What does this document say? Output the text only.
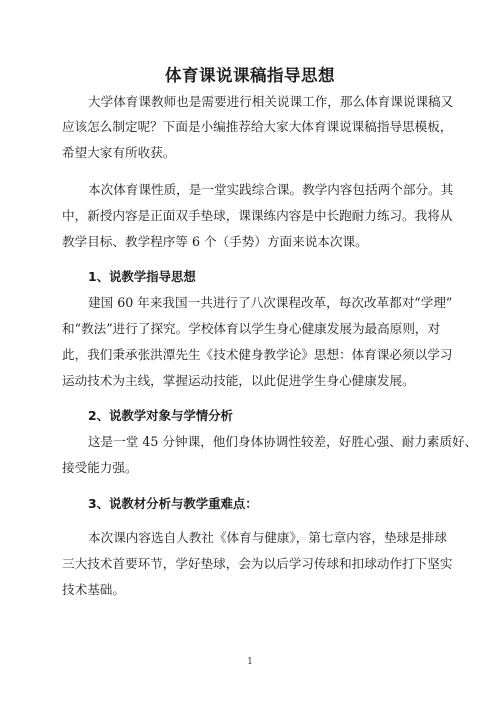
体育课说课稿指导思想

大学体育课教师也是需要进行相关说课工作，那么体育课说课稿又

应该怎么制定呢？下面是小编推荐给大家大体育课说课稿指导思模板，

希望大家有所收获。

本次体育课性质，是一堂实践综合课。教学内容包括两个部分。其

中，新授内容是正面双手垫球，课课练内容是中长跑耐力练习。我将从

教学目标、教学程序等 6 个（手势）方面来说本次课。

1、说教学指导思想

建国 60 年来我国一共进行了八次课程改革，每次改革都对“学理”

和“教法”进行了探究。学校体育以学生身心健康发展为最高原则，对

此，我们秉承张洪潭先生《技术健身教学论》思想：体育课必须以学习

运动技术为主线，掌握运动技能，以此促进学生身心健康发展。

2、说教学对象与学情分析

这是一堂 45 分钟课，他们身体协调性较差，好胜心强、耐力素质好、

接受能力强。

3、说教材分析与教学重难点：

本次课内容选自人教社《体育与健康》，第七章内容，垫球是排球

三大技术首要环节，学好垫球，会为以后学习传球和扣球动作打下坚实

技术基础。

1
